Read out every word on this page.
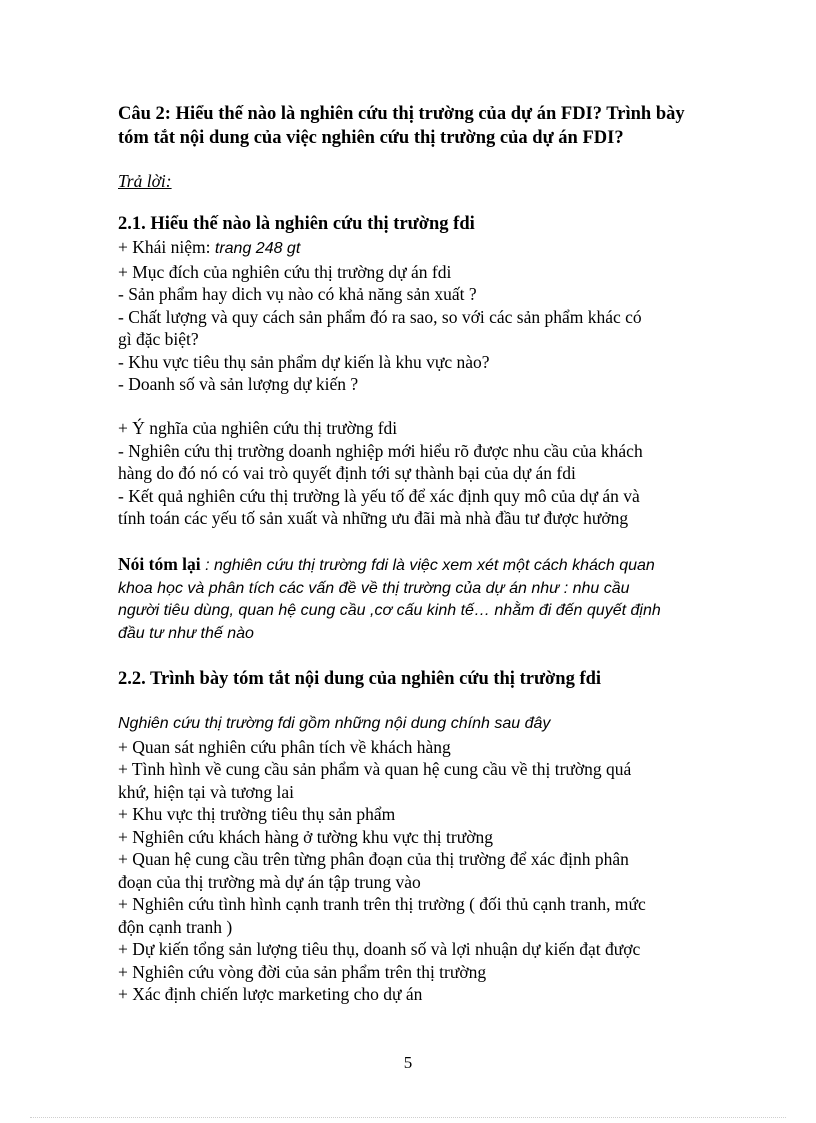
Câu 2: Hiểu thế nào là nghiên cứu thị trường của dự án FDI? Trình bày
tóm tắt nội dung của việc nghiên cứu thị trường của dự án FDI?
Trả lời:
2.1. Hiểu thế nào là nghiên cứu thị trường fdi
+ Khái niệm: trang 248 gt
+ Mục đích của nghiên cứu thị trường dự án fdi
- Sản phẩm hay dich vụ nào có khả năng sản xuất ?
- Chất lượng và quy cách sản phẩm đó ra sao, so với các sản phẩm khác có
gì đặc biệt?
- Khu vực tiêu thụ sản phẩm dự kiến là khu vực nào?
- Doanh số và sản lượng dự kiến ?
+ Ý nghĩa của nghiên cứu thị trường fdi
- Nghiên cứu thị trường doanh nghiệp mới hiểu rõ được nhu cầu của khách
hàng do đó nó có vai trò quyết định tới sự thành bại của dự án fdi
- Kết quả nghiên cứu thị trường là yếu tố để xác định quy mô của dự án và
tính toán các yếu tố sản xuất và những ưu đãi mà nhà đầu tư được hưởng
Nói tóm lại : nghiên cứu thị trường fdi là việc xem xét một cách khách quan
khoa học và phân tích các vấn đề về thị trường của dự án như : nhu cầu
người tiêu dùng, quan hệ cung cầu ,cơ cấu kinh tế… nhằm đi đến quyết định
đầu tư như thế nào
2.2. Trình bày tóm tắt nội dung của nghiên cứu thị trường fdi
Nghiên cứu thị trường fdi gồm những nội dung chính sau đây
+ Quan sát nghiên cứu phân tích về khách hàng
+ Tình hình về cung cầu sản phẩm và quan hệ cung cầu về thị trường quá
khứ, hiện tại và tương lai
+ Khu vực thị trường tiêu thụ sản phẩm
+ Nghiên cứu khách hàng ở tường khu vực thị trường
+ Quan hệ cung cầu trên từng phân đoạn của thị trường để xác định phân
đoạn của thị trường mà dự án tập trung vào
+ Nghiên cứu tình hình cạnh tranh trên thị trường ( đối thủ cạnh tranh, mức
độn cạnh tranh )
+ Dự kiến tổng sản lượng tiêu thụ, doanh số và lợi nhuận dự kiến đạt được
+ Nghiên cứu vòng đời của sản phẩm trên thị trường
+ Xác định chiến lược marketing cho dự án
5
